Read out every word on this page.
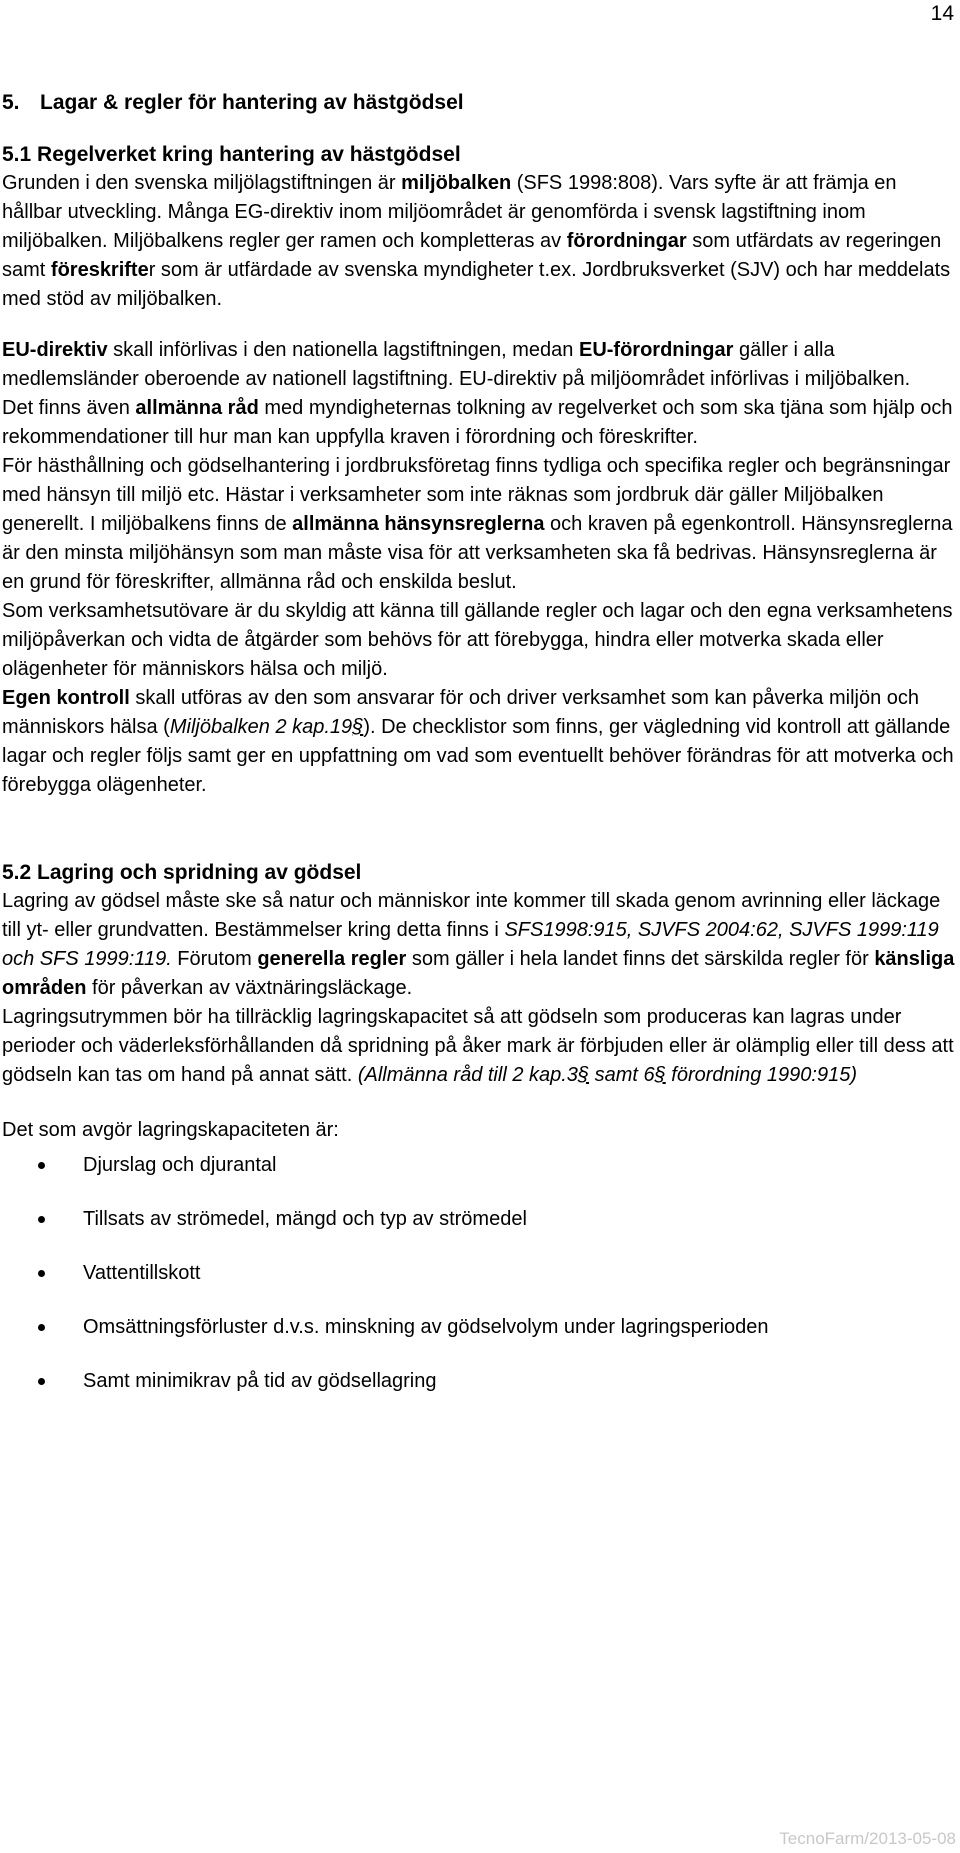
14
5. Lagar & regler för hantering av hästgödsel
5.1 Regelverket kring hantering av hästgödsel

Grunden i den svenska miljölagstiftningen är miljöbalken (SFS 1998:808). Vars syfte är att främja en hållbar utveckling. Många EG-direktiv inom miljöområdet är genomförda i svensk lagstiftning inom miljöbalken. Miljöbalkens regler ger ramen och kompletteras av förordningar som utfärdats av regeringen samt föreskrifter som är utfärdade av svenska myndigheter t.ex. Jordbruksverket (SJV) och har meddelats med stöd av miljöbalken.

EU-direktiv skall införlivas i den nationella lagstiftningen, medan EU-förordningar gäller i alla medlemsländer oberoende av nationell lagstiftning. EU-direktiv på miljöområdet införlivas i miljöbalken.

Det finns även allmänna råd med myndigheternas tolkning av regelverket och som ska tjäna som hjälp och rekommendationer till hur man kan uppfylla kraven i förordning och föreskrifter.

För hästhållning och gödselhantering i jordbruksföretag finns tydliga och specifika regler och begränsningar med hänsyn till miljö etc. Hästar i verksamheter som inte räknas som jordbruk där gäller Miljöbalken generellt. I miljöbalkens finns de allmänna hänsynsreglerna och kraven på egenkontroll. Hänsynsreglerna är den minsta miljöhänsyn som man måste visa för att verksamheten ska få bedrivas. Hänsynsreglerna är en grund för föreskrifter, allmänna råd och enskilda beslut.

Som verksamhetsutövare är du skyldig att känna till gällande regler och lagar och den egna verksamhetens miljöpåverkan och vidta de åtgärder som behövs för att förebygga, hindra eller motverka skada eller olägenheter för människors hälsa och miljö.

Egen kontroll skall utföras av den som ansvarar för och driver verksamhet som kan påverka miljön och människors hälsa (Miljöbalken 2 kap.19§). De checklistor som finns, ger vägledning vid kontroll att gällande lagar och regler följs samt ger en uppfattning om vad som eventuellt behöver förändras för att motverka och förebygga olägenheter.

5.2 Lagring och spridning av gödsel

Lagring av gödsel måste ske så natur och människor inte kommer till skada genom avrinning eller läckage till yt- eller grundvatten. Bestämmelser kring detta finns i SFS1998:915, SJVFS 2004:62, SJVFS 1999:119 och SFS 1999:119. Förutom generella regler som gäller i hela landet finns det särskilda regler för känsliga områden för påverkan av växtnäringsläckage.

Lagringsutrymmen bör ha tillräcklig lagringskapacitet så att gödseln som produceras kan lagras under perioder och väderleksförhållanden då spridning på åker mark är förbjuden eller är olämplig eller till dess att gödseln kan tas om hand på annat sätt. (Allmänna råd till 2 kap.3§ samt 6§ förordning 1990:915)

Det som avgör lagringskapaciteten är:

Djurslag och djurantal
Tillsats av strömedel, mängd och typ av strömedel
Vattentillskott
Omsättningsförluster d.v.s. minskning av gödselvolym under lagringsperioden
Samt minimikrav på tid av gödsellagring
TecnoFarm/2013-05-08
